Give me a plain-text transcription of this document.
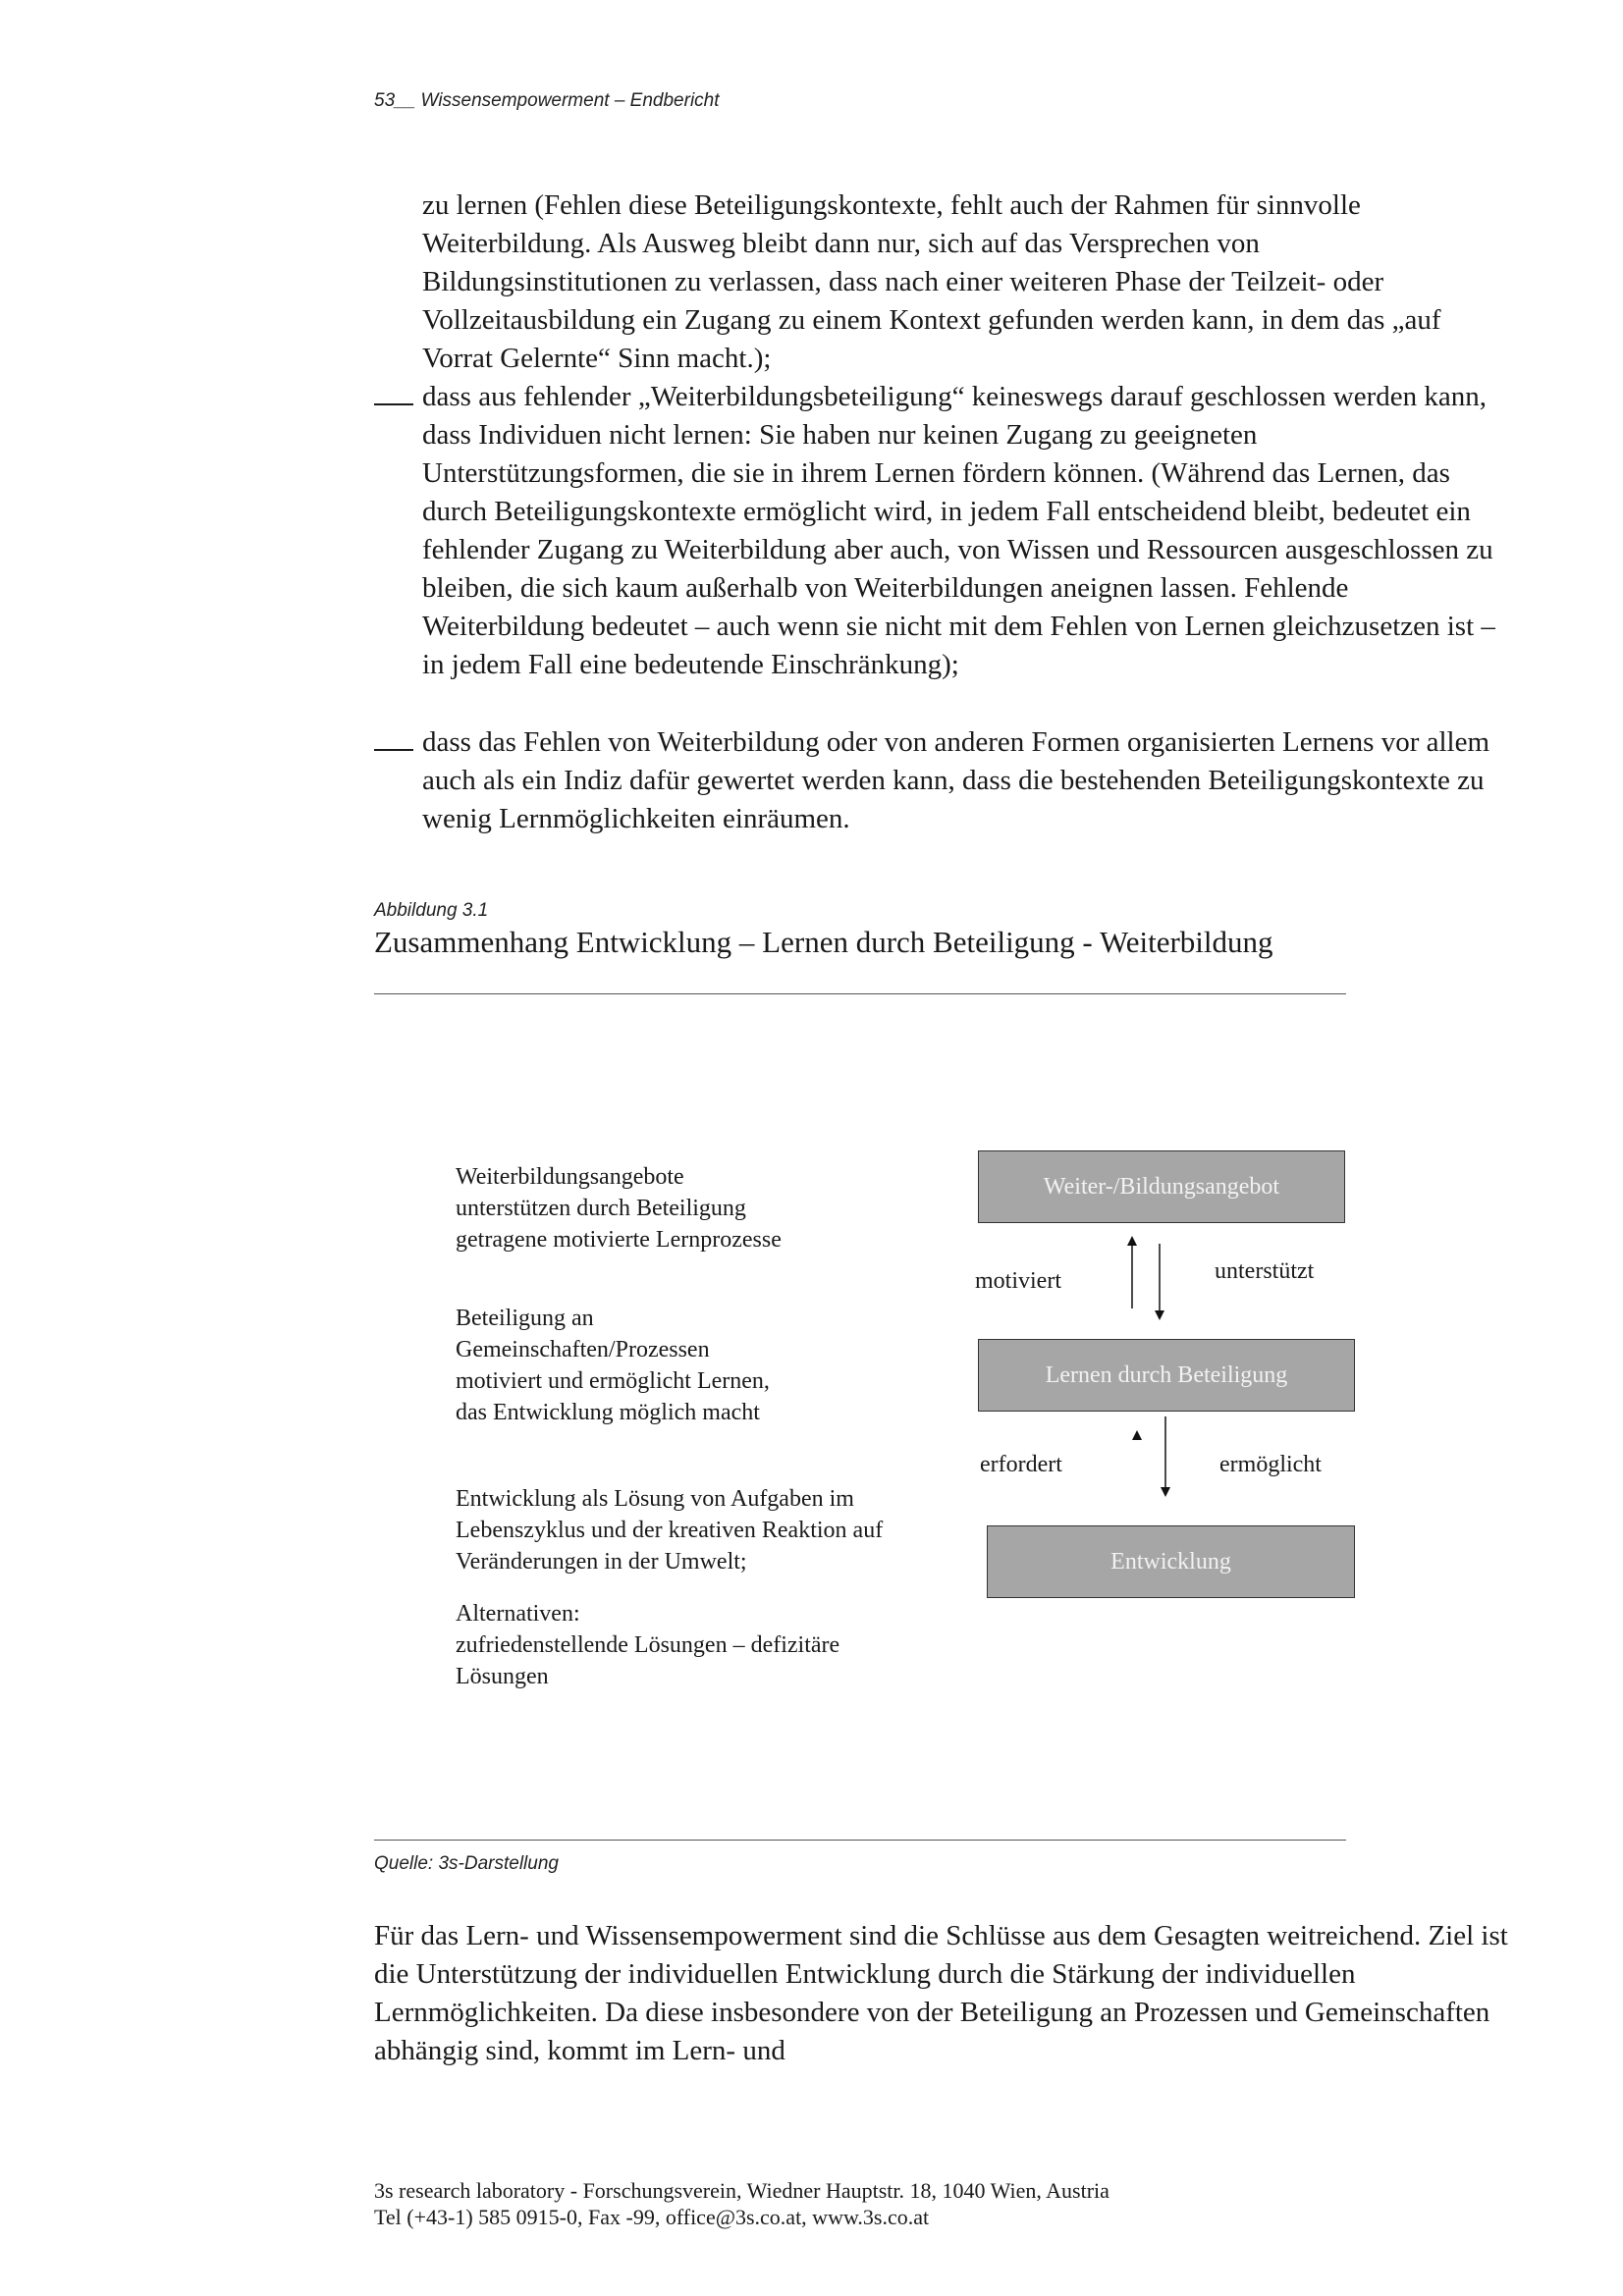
53__ Wissensempowerment – Endbericht
zu lernen (Fehlen diese Beteiligungskontexte, fehlt auch der Rahmen für sinnvolle Weiterbildung. Als Ausweg bleibt dann nur, sich auf das Versprechen von Bildungsinstitutionen zu verlassen, dass nach einer weiteren Phase der Teilzeit- oder Vollzeitausbildung ein Zugang zu einem Kontext gefunden werden kann, in dem das „auf Vorrat Gelernte“ Sinn macht.);
dass aus fehlender „Weiterbildungsbeteiligung“ keineswegs darauf geschlossen werden kann, dass Individuen nicht lernen: Sie haben nur keinen Zugang zu geeigneten Unterstützungsformen, die sie in ihrem Lernen fördern können. (Während das Lernen, das durch Beteiligungskontexte ermöglicht wird, in jedem Fall entscheidend bleibt, bedeutet ein fehlender Zugang zu Weiterbildung aber auch, von Wissen und Ressourcen ausgeschlossen zu bleiben, die sich kaum außerhalb von Weiterbildungen aneignen lassen. Fehlende Weiterbildung bedeutet – auch wenn sie nicht mit dem Fehlen von Lernen gleichzusetzen ist – in jedem Fall eine bedeutende Einschränkung);
dass das Fehlen von Weiterbildung oder von anderen Formen organisierten Lernens vor allem auch als ein Indiz dafür gewertet werden kann, dass die bestehenden Beteiligungskontexte zu wenig Lernmöglichkeiten einräumen.
Abbildung 3.1
Zusammenhang Entwicklung – Lernen durch Beteiligung - Weiterbildung
Weiterbildungsangebote
unterstützen durch Beteiligung
getragene motivierte Lernprozesse
Beteiligung an
Gemeinschaften/Prozessen
motiviert und ermöglicht Lernen,
das Entwicklung möglich macht
Entwicklung als Lösung von Aufgaben im
Lebenszyklus und der kreativen Reaktion auf
Veränderungen in der Umwelt;
Alternativen:
zufriedenstellende Lösungen – defizitäre
Lösungen
Weiter-/Bildungsangebot
Lernen durch Beteiligung
Entwicklung
motiviert	unterstützt
erfordert	ermöglicht
Quelle: 3s-Darstellung
Für das Lern- und Wissensempowerment sind die Schlüsse aus dem Gesagten weitreichend. Ziel ist die Unterstützung der individuellen Entwicklung durch die Stärkung der individuellen Lernmöglichkeiten. Da diese insbesondere von der Beteiligung an Prozessen und Gemeinschaften abhängig sind, kommt im Lern- und
3s research laboratory - Forschungsverein, Wiedner Hauptstr. 18, 1040 Wien, Austria
Tel (+43-1) 585 0915-0, Fax -99, office@3s.co.at, www.3s.co.at
